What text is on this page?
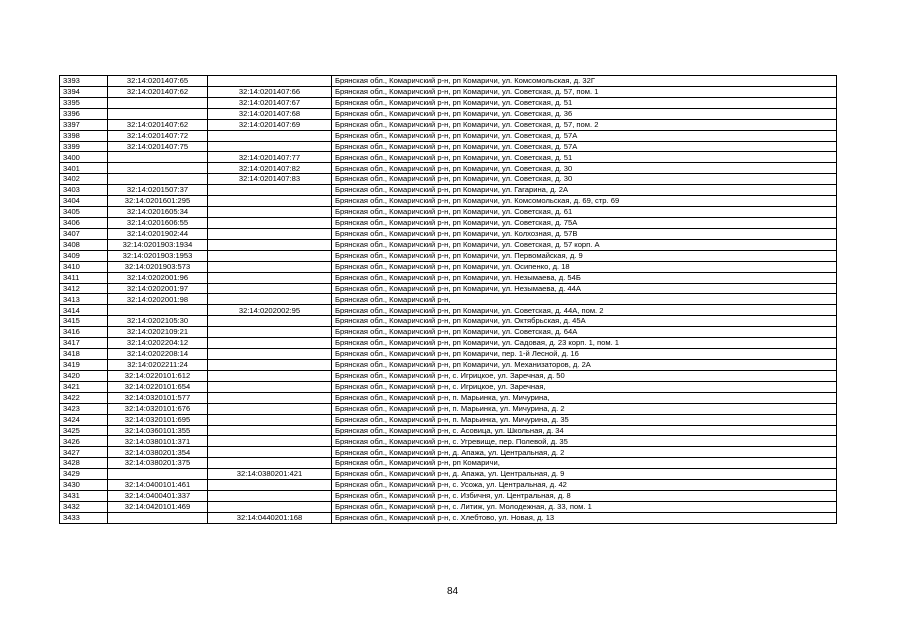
3393	32:14:0201407:65		Брянская обл., Комаричский р-н, рп Комаричи, ул. Комсомольская, д. 32Г
3394	32:14:0201407:62	32:14:0201407:66	Брянская обл., Комаричский р-н, рп Комаричи, ул. Советская, д. 57, пом. 1
3395		32:14:0201407:67	Брянская обл., Комаричский р-н, рп Комаричи, ул. Советская, д. 51
3396		32:14:0201407:68	Брянская обл., Комаричский р-н, рп Комаричи, ул. Советская, д. 36
3397	32:14:0201407:62	32:14:0201407:69	Брянская обл., Комаричский р-н, рп Комаричи, ул. Советская, д. 57, пом. 2
3398	32:14:0201407:72		Брянская обл., Комаричский р-н, рп Комаричи, ул. Советская, д. 57А
3399	32:14:0201407:75		Брянская обл., Комаричский р-н, рп Комаричи, ул. Советская, д. 57А
3400		32:14:0201407:77	Брянская обл., Комаричский р-н, рп Комаричи, ул. Советская, д. 51
3401		32:14:0201407:82	Брянская обл., Комаричский р-н, рп Комаричи, ул. Советская, д. 30
3402		32:14:0201407:83	Брянская обл., Комаричский р-н, рп Комаричи, ул. Советская, д. 30
3403	32:14:0201507:37		Брянская обл., Комаричский р-н, рп Комаричи, ул. Гагарина, д. 2А
3404	32:14:0201601:295		Брянская обл., Комаричский р-н, рп Комаричи, ул. Комсомольская, д. 69, стр. 69
3405	32:14:0201605:34		Брянская обл., Комаричский р-н, рп Комаричи, ул. Советская, д. 61
3406	32:14:0201606:55		Брянская обл., Комаричский р-н, рп Комаричи, ул. Советская, д. 75А
3407	32:14:0201902:44		Брянская обл., Комаричский р-н, рп Комаричи, ул. Колхозная, д. 57В
3408	32:14:0201903:1934		Брянская обл., Комаричский р-н, рп Комаричи, ул. Советская, д. 57 корп. А
3409	32:14:0201903:1953		Брянская обл., Комаричский р-н, рп Комаричи, ул. Первомайская, д. 9
3410	32:14:0201903:573		Брянская обл., Комаричский р-н, рп Комаричи, ул. Осипенко, д. 18
3411	32:14:0202001:96		Брянская обл., Комаричский р-н, рп Комаричи, ул. Незымаева, д. 54Б
3412	32:14:0202001:97		Брянская обл., Комаричский р-н, рп Комаричи, ул. Незымаева, д. 44А
3413	32:14:0202001:98		Брянская обл., Комаричский р-н,
3414		32:14:0202002:95	Брянская обл., Комаричский р-н, рп Комаричи, ул. Советская, д. 44А, пом. 2
3415	32:14:0202105:30		Брянская обл., Комаричский р-н, рп Комаричи, ул. Октябрьская, д. 45А
3416	32:14:0202109:21		Брянская обл., Комаричский р-н, рп Комаричи, ул. Советская, д. 64А
3417	32:14:0202204:12		Брянская обл., Комаричский р-н, рп Комаричи, ул. Садовая, д. 23 корп. 1, пом. 1
3418	32:14:0202208:14		Брянская обл., Комаричский р-н, рп Комаричи, пер. 1-й Лесной, д. 16
3419	32:14:0202211:24		Брянская обл., Комаричский р-н, рп Комаричи, ул. Механизаторов, д. 2А
3420	32:14:0220101:612		Брянская обл., Комаричский р-н, с. Игрицкое, ул. Заречная, д. 50
3421	32:14:0220101:654		Брянская обл., Комаричский р-н, с. Игрицкое, ул. Заречная,
3422	32:14:0320101:577		Брянская обл., Комаричский р-н, п. Марьинка, ул. Мичурина,
3423	32:14:0320101:676		Брянская обл., Комаричский р-н, п. Марьинка, ул. Мичурина, д. 2
3424	32:14:0320101:695		Брянская обл., Комаричский р-н, п. Марьинка, ул. Мичурина, д. 35
3425	32:14:0360101:355		Брянская обл., Комаричский р-н, с. Асовица, ул. Школьная, д. 34
3426	32:14:0380101:371		Брянская обл., Комаричский р-н, с. Угревище, пер. Полевой, д. 35
3427	32:14:0380201:354		Брянская обл., Комаричский р-н, д. Апажа, ул. Центральная, д. 2
3428	32:14:0380201:375		Брянская обл., Комаричский р-н, рп Комаричи,
3429		32:14:0380201:421	Брянская обл., Комаричский р-н, д. Апажа, ул. Центральная, д. 9
3430	32:14:0400101:461		Брянская обл., Комаричский р-н, с. Усожа, ул. Центральная, д. 42
3431	32:14:0400401:337		Брянская обл., Комаричский р-н, с. Избичня, ул. Центральная, д. 8
3432	32:14:0420101:469		Брянская обл., Комаричский р-н, с. Литиж, ул. Молодежная, д. 33, пом. 1
3433		32:14:0440201:168	Брянская обл., Комаричский р-н, с. Хлебтово, ул. Новая, д. 13
84
